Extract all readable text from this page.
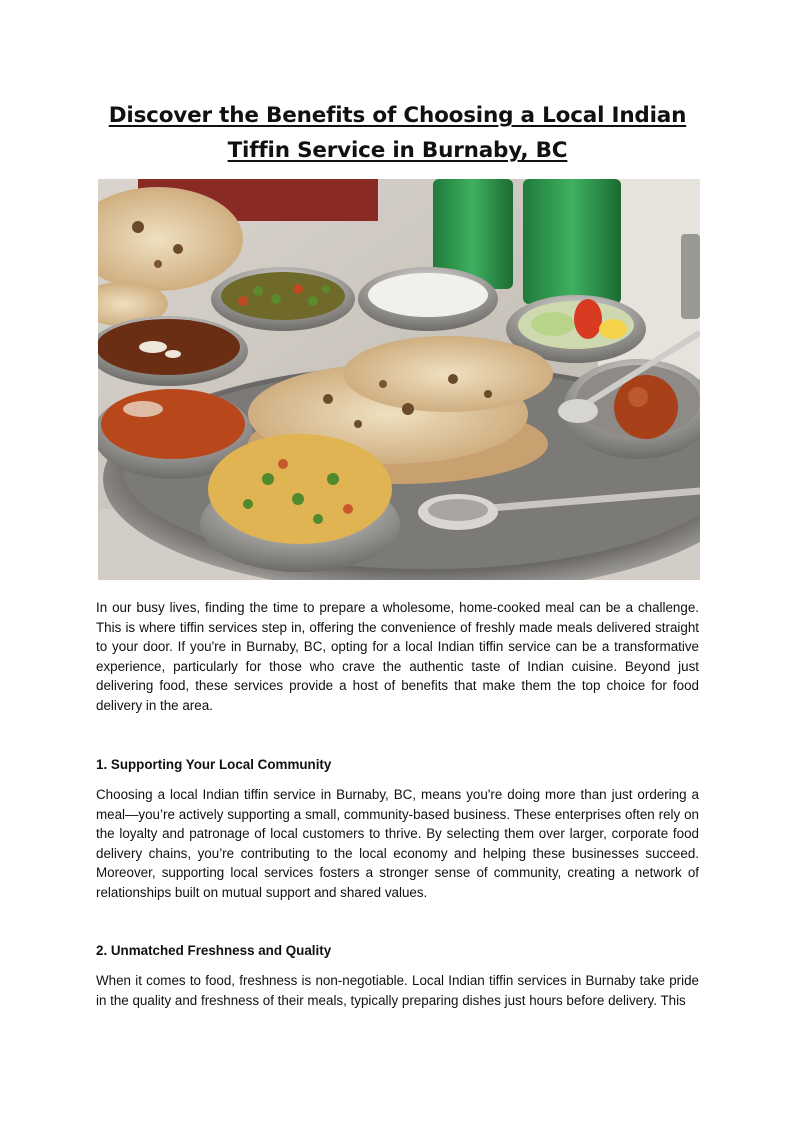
Discover the Benefits of Choosing a Local Indian Tiffin Service in Burnaby, BC

In our busy lives, finding the time to prepare a wholesome, home-cooked meal can be a challenge. This is where tiffin services step in, offering the convenience of freshly made meals delivered straight to your door. If you're in Burnaby, BC, opting for a local Indian tiffin service can be a transformative experience, particularly for those who crave the authentic taste of Indian cuisine. Beyond just delivering food, these services provide a host of benefits that make them the top choice for food delivery in the area.

1. Supporting Your Local Community

Choosing a local Indian tiffin service in Burnaby, BC, means you're doing more than just ordering a meal—you’re actively supporting a small, community-based business. These enterprises often rely on the loyalty and patronage of local customers to thrive. By selecting them over larger, corporate food delivery chains, you’re contributing to the local economy and helping these businesses succeed. Moreover, supporting local services fosters a stronger sense of community, creating a network of relationships built on mutual support and shared values.

2. Unmatched Freshness and Quality

When it comes to food, freshness is non-negotiable. Local Indian tiffin services in Burnaby take pride in the quality and freshness of their meals, typically preparing dishes just hours before delivery. This
